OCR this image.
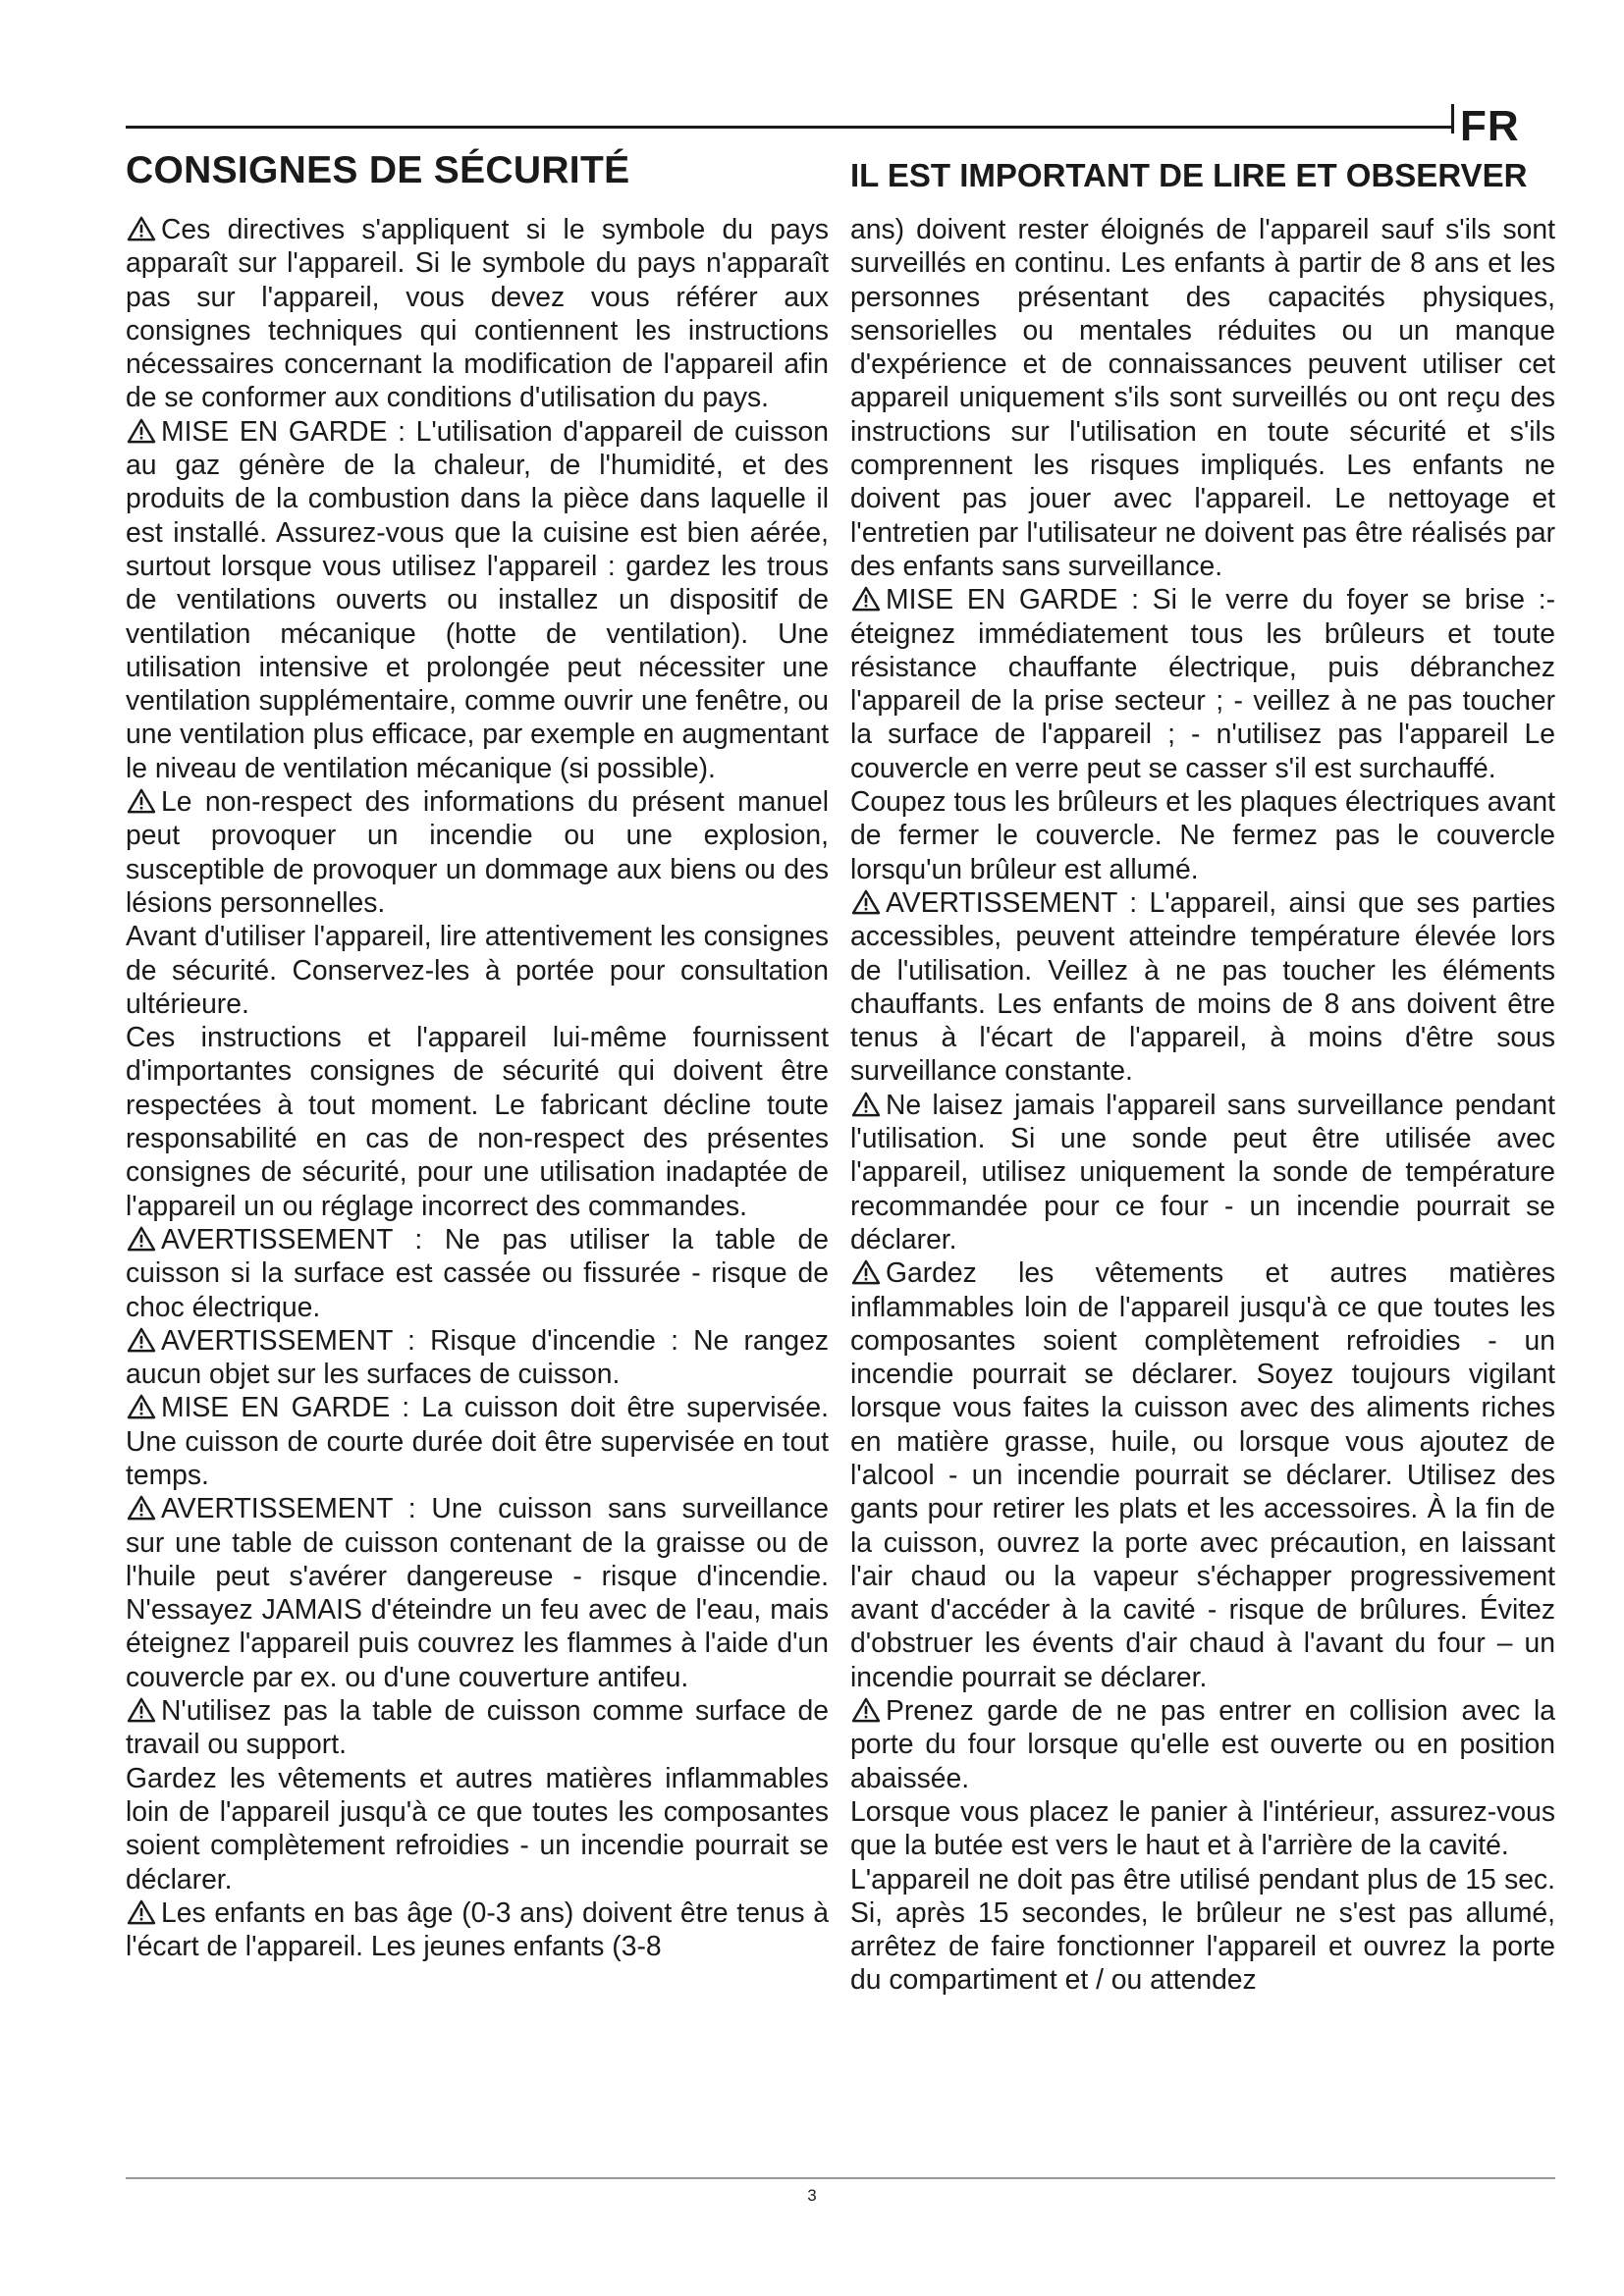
FR
CONSIGNES DE SÉCURITÉ	IL EST IMPORTANT DE LIRE ET OBSERVER

Ces directives s'appliquent si le symbole du pays apparaît sur l'appareil. Si le symbole du pays n'apparaît pas sur l'appareil, vous devez vous référer aux consignes techniques qui contiennent les instructions nécessaires concernant la modification de l'appareil afin de se conformer aux conditions d'utilisation du pays.

MISE EN GARDE : L'utilisation d'appareil de cuisson au gaz génère de la chaleur, de l'humidité, et des produits de la combustion dans la pièce dans laquelle il est installé. Assurez-vous que la cuisine est bien aérée, surtout lorsque vous utilisez l'appareil : gardez les trous de ventilations ouverts ou installez un dispositif de ventilation mécanique (hotte de ventilation). Une utilisation intensive et prolongée peut nécessiter une ventilation supplémentaire, comme ouvrir une fenêtre, ou une ventilation plus efficace, par exemple en augmentant le niveau de ventilation mécanique (si possible).

Le non-respect des informations du présent manuel peut provoquer un incendie ou une explosion, susceptible de provoquer un dommage aux biens ou des lésions personnelles.

Avant d'utiliser l'appareil, lire attentivement les consignes de sécurité. Conservez-les à portée pour consultation ultérieure.

Ces instructions et l'appareil lui-même fournissent d'importantes consignes de sécurité qui doivent être respectées à tout moment. Le fabricant décline toute responsabilité en cas de non-respect des présentes consignes de sécurité, pour une utilisation inadaptée de l'appareil un ou réglage incorrect des commandes.

AVERTISSEMENT : Ne pas utiliser la table de cuisson si la surface est cassée ou fissurée - risque de choc électrique.

AVERTISSEMENT : Risque d'incendie : Ne rangez aucun objet sur les surfaces de cuisson.

MISE EN GARDE : La cuisson doit être supervisée. Une cuisson de courte durée doit être supervisée en tout temps.

AVERTISSEMENT : Une cuisson sans surveillance sur une table de cuisson contenant de la graisse ou de l'huile peut s'avérer dangereuse - risque d'incendie. N'essayez JAMAIS d'éteindre un feu avec de l'eau, mais éteignez l'appareil puis couvrez les flammes à l'aide d'un couvercle par ex. ou d'une couverture antifeu.

N'utilisez pas la table de cuisson comme surface de travail ou support.

Gardez les vêtements et autres matières inflammables loin de l'appareil jusqu'à ce que toutes les composantes soient complètement refroidies - un incendie pourrait se déclarer.

Les enfants en bas âge (0-3 ans) doivent être tenus à l'écart de l'appareil. Les jeunes enfants (3-8

ans) doivent rester éloignés de l'appareil sauf s'ils sont surveillés en continu. Les enfants à partir de 8 ans et les personnes présentant des capacités physiques, sensorielles ou mentales réduites ou un manque d'expérience et de connaissances peuvent utiliser cet appareil uniquement s'ils sont surveillés ou ont reçu des instructions sur l'utilisation en toute sécurité et s'ils comprennent les risques impliqués. Les enfants ne doivent pas jouer avec l'appareil. Le nettoyage et l'entretien par l'utilisateur ne doivent pas être réalisés par des enfants sans surveillance.

MISE EN GARDE : Si le verre du foyer se brise :- éteignez immédiatement tous les brûleurs et toute résistance chauffante électrique, puis débranchez l'appareil de la prise secteur ; - veillez à ne pas toucher la surface de l'appareil ; - n'utilisez pas l'appareil Le couvercle en verre peut se casser s'il est surchauffé.

Coupez tous les brûleurs et les plaques électriques avant de fermer le couvercle. Ne fermez pas le couvercle lorsqu'un brûleur est allumé.

AVERTISSEMENT : L'appareil, ainsi que ses parties accessibles, peuvent atteindre température élevée lors de l'utilisation. Veillez à ne pas toucher les éléments chauffants. Les enfants de moins de 8 ans doivent être tenus à l'écart de l'appareil, à moins d'être sous surveillance constante.

Ne laisez jamais l'appareil sans surveillance pendant l'utilisation. Si une sonde peut être utilisée avec l'appareil, utilisez uniquement la sonde de température recommandée pour ce four - un incendie pourrait se déclarer.

Gardez les vêtements et autres matières inflammables loin de l'appareil jusqu'à ce que toutes les composantes soient complètement refroidies - un incendie pourrait se déclarer. Soyez toujours vigilant lorsque vous faites la cuisson avec des aliments riches en matière grasse, huile, ou lorsque vous ajoutez de l'alcool - un incendie pourrait se déclarer. Utilisez des gants pour retirer les plats et les accessoires. À la fin de la cuisson, ouvrez la porte avec précaution, en laissant l'air chaud ou la vapeur s'échapper progressivement avant d'accéder à la cavité - risque de brûlures. Évitez d'obstruer les évents d'air chaud à l'avant du four – un incendie pourrait se déclarer.

Prenez garde de ne pas entrer en collision avec la porte du four lorsque qu'elle est ouverte ou en position abaissée.

Lorsque vous placez le panier à l'intérieur, assurez-vous que la butée est vers le haut et à l'arrière de la cavité.

L'appareil ne doit pas être utilisé pendant plus de 15 sec. Si, après 15 secondes, le brûleur ne s'est pas allumé, arrêtez de faire fonctionner l'appareil et ouvrez la porte du compartiment et / ou attendez

3
